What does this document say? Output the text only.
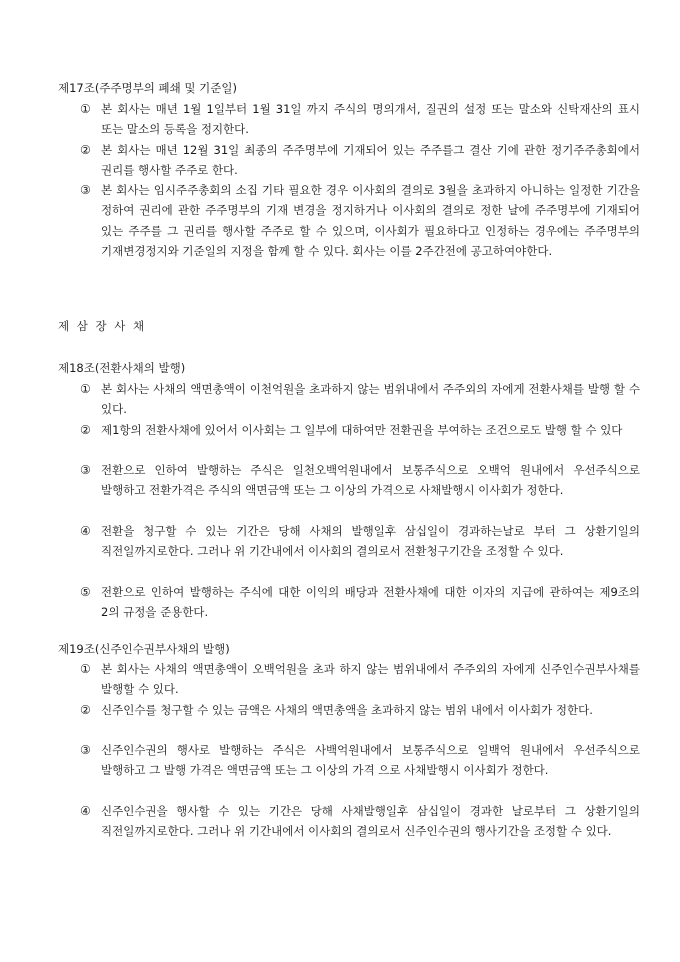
제17조(주주명부의 폐쇄 및 기준일)
① 본 회사는 매년 1월 1일부터 1월 31일 까지 주식의 명의개서, 질권의 설정 또는 말소와 신탁재산의 표시 또는 말소의 등록을 정지한다.
② 본 회사는 매년 12월 31일 최종의 주주명부에 기재되어 있는 주주를그 결산 기에 관한 정기주주총회에서 권리를 행사할 주주로 한다.
③ 본 회사는 임시주주총회의 소집 기타 필요한 경우 이사회의 결의로 3월을 초과하지 아니하는 일정한 기간을 정하여 권리에 관한 주주명부의 기재 변경을 정지하거나 이사회의 결의로 정한 날에 주주명부에 기재되어 있는 주주를 그 권리를 행사할 주주로 할 수 있으며, 이사회가 필요하다고 인정하는 경우에는 주주명부의 기재변경정지와 기준일의 지정을 함께 할 수 있다. 회사는 이를 2주간전에 공고하여야한다.
제 삼 장 사 채
제18조(전환사채의 발행)
① 본 회사는 사채의 액면총액이 이천억원을 초과하지 않는 범위내에서 주주외의 자에게 전환사채를 발행 할 수 있다.
② 제1항의 전환사채에 있어서 이사회는 그 일부에 대하여만 전환권을 부여하는 조건으로도 발행 할 수 있다
③ 전환으로 인하여 발행하는 주식은 일천오백억원내에서 보통주식으로 오백억 원내에서 우선주식으로 발행하고 전환가격은 주식의 액면금액 또는 그 이상의 가격으로 사채발행시 이사회가 정한다.
④ 전환을 청구할 수 있는 기간은 당해 사채의 발행일후 삼십일이 경과하는날로 부터 그 상환기일의 직전일까지로한다. 그러나 위 기간내에서 이사회의 결의로서 전환청구기간을 조정할 수 있다.
⑤ 전환으로 인하여 발행하는 주식에 대한 이익의 배당과 전환사채에 대한 이자의 지급에 관하여는 제9조의 2의 규정을 준용한다.
제19조(신주인수권부사채의 발행)
① 본 회사는 사채의 액면총액이 오백억원을 초과 하지 않는 범위내에서 주주외의 자에게 신주인수권부사채를 발행할 수 있다.
② 신주인수를 청구할 수 있는 금액은 사채의 액면총액을 초과하지 않는 범위 내에서 이사회가 정한다.
③ 신주인수권의 행사로 발행하는 주식은 사백억원내에서 보통주식으로 일백억 원내에서 우선주식으로 발행하고 그 발행 가격은 액면금액 또는 그 이상의 가격 으로 사채발행시 이사회가 정한다.
④ 신주인수권을 행사할 수 있는 기간은 당해 사채발행일후 삼십일이 경과한 날로부터 그 상환기일의 직전일까지로한다. 그러나 위 기간내에서 이사회의 결의로서 신주인수권의 행사기간을 조정할 수 있다.
